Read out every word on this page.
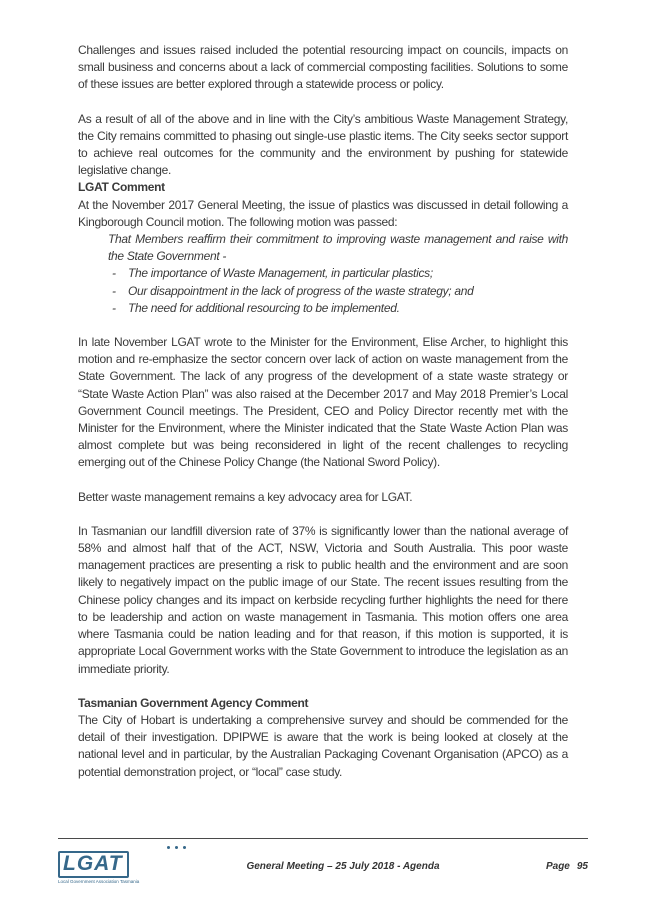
Challenges and issues raised included the potential resourcing impact on councils, impacts on small business and concerns about a lack of commercial composting facilities. Solutions to some of these issues are better explored through a statewide process or policy.

As a result of all of the above and in line with the City’s ambitious Waste Management Strategy, the City remains committed to phasing out single-use plastic items. The City seeks sector support to achieve real outcomes for the community and the environment by pushing for statewide legislative change.

LGAT Comment

At the November 2017 General Meeting, the issue of plastics was discussed in detail following a Kingborough Council motion. The following motion was passed:

That Members reaffirm their commitment to improving waste management and raise with the State Government -
-	The importance of Waste Management, in particular plastics;
-	Our disappointment in the lack of progress of the waste strategy; and
-	The need for additional resourcing to be implemented.

In late November LGAT wrote to the Minister for the Environment, Elise Archer, to highlight this motion and re-emphasize the sector concern over lack of action on waste management from the State Government. The lack of any progress of the development of a state waste strategy or “State Waste Action Plan” was also raised at the December 2017 and May 2018 Premier’s Local Government Council meetings. The President, CEO and Policy Director recently met with the Minister for the Environment, where the Minister indicated that the State Waste Action Plan was almost complete but was being reconsidered in light of the recent challenges to recycling emerging out of the Chinese Policy Change (the National Sword Policy).

Better waste management remains a key advocacy area for LGAT.

In Tasmanian our landfill diversion rate of 37% is significantly lower than the national average of 58% and almost half that of the ACT, NSW, Victoria and South Australia. This poor waste management practices are presenting a risk to public health and the environment and are soon likely to negatively impact on the public image of our State. The recent issues resulting from the Chinese policy changes and its impact on kerbside recycling further highlights the need for there to be leadership and action on waste management in Tasmania. This motion offers one area where Tasmania could be nation leading and for that reason, if this motion is supported, it is appropriate Local Government works with the State Government to introduce the legislation as an immediate priority.

Tasmanian Government Agency Comment

The City of Hobart is undertaking a comprehensive survey and should be commended for the detail of their investigation. DPIPWE is aware that the work is being looked at closely at the national level and in particular, by the Australian Packaging Covenant Organisation (APCO) as a potential demonstration project, or “local” case study.

LGAT
Local Government Association Tasmania
General Meeting – 25 July 2018 - Agenda	Page 95
